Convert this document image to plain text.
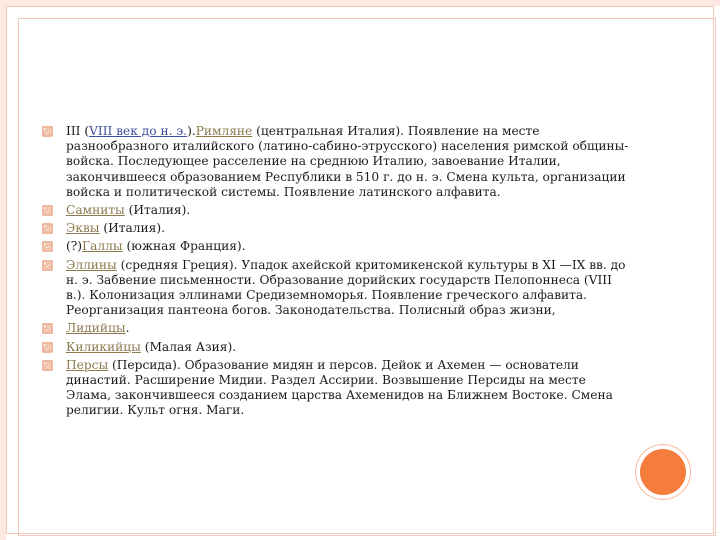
III (VIII век до н. э.).Римляне (центральная Италия). Появление на месте разнообразного италийского (латино-сабино-этрусского) населения римской общины-войска. Последующее расселение на среднюю Италию, завоевание Италии, закончившееся образованием Республики в 510 г. до н. э. Смена культа, организации войска и политической системы. Появление латинского алфавита.
Самниты (Италия).
Эквы (Италия).
(?)Галлы (южная Франция).
Эллины (средняя Греция). Упадок ахейской критомикенской культуры в XI —IX вв. до н. э. Забвение письменности. Образование дорийских государств Пелопоннеса (VIII в.). Колонизация эллинами Средиземноморья. Появление греческого алфавита. Реорганизация пантеона богов. Законодательства. Полисный образ жизни,
Лидийцы.
Киликийцы (Малая Азия).
Персы (Персида). Образование мидян и персов. Дейок и Ахемен — основатели династий. Расширение Мидии. Раздел Ассирии. Возвышение Персиды на месте Элама, закончившееся созданием царства Ахеменидов на Ближнем Востоке. Смена религии. Культ огня. Маги.
